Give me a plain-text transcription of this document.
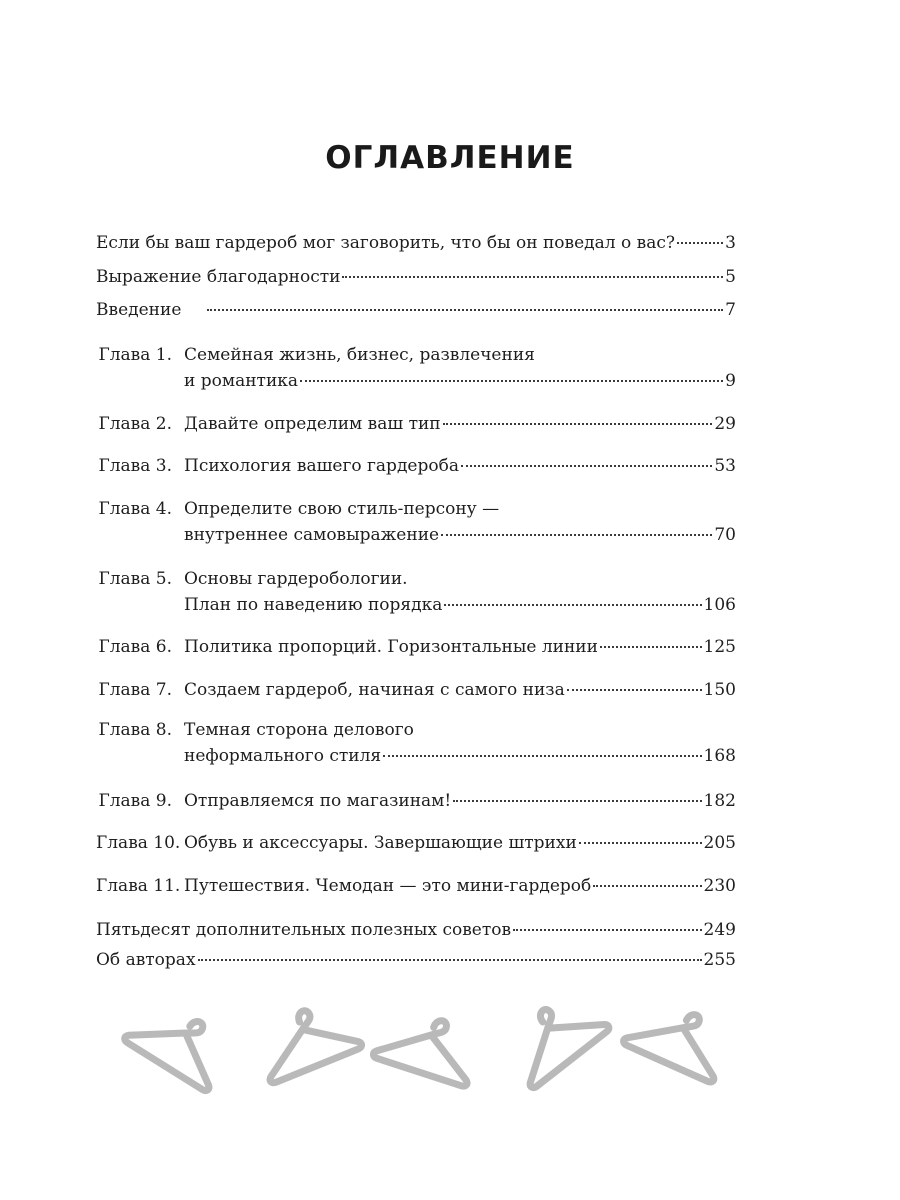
ОГЛАВЛЕНИЕ
Если бы ваш гардероб мог заговорить, что бы он поведал о вас?	3
Выражение благодарности	5
Введение	7
Глава 1. Семейная жизнь, бизнес, развлечения
и романтика	9
Глава 2. Давайте определим ваш тип	29
Глава 3. Психология вашего гардероба	53
Глава 4. Определите свою стиль-персону —
внутреннее самовыражение	70
Глава 5. Основы гардеробологии.
План по наведению порядка	106
Глава 6. Политика пропорций. Горизонтальные линии	125
Глава 7. Создаем гардероб, начиная с самого низа	150
Глава 8. Темная сторона делового
неформального стиля	168
Глава 9. Отправляемся по магазинам!	182
Глава 10. Обувь и аксессуары. Завершающие штрихи	205
Глава 11. Путешествия. Чемодан — это мини-гардероб	230
Пятьдесят дополнительных полезных советов	249
Об авторах	255
